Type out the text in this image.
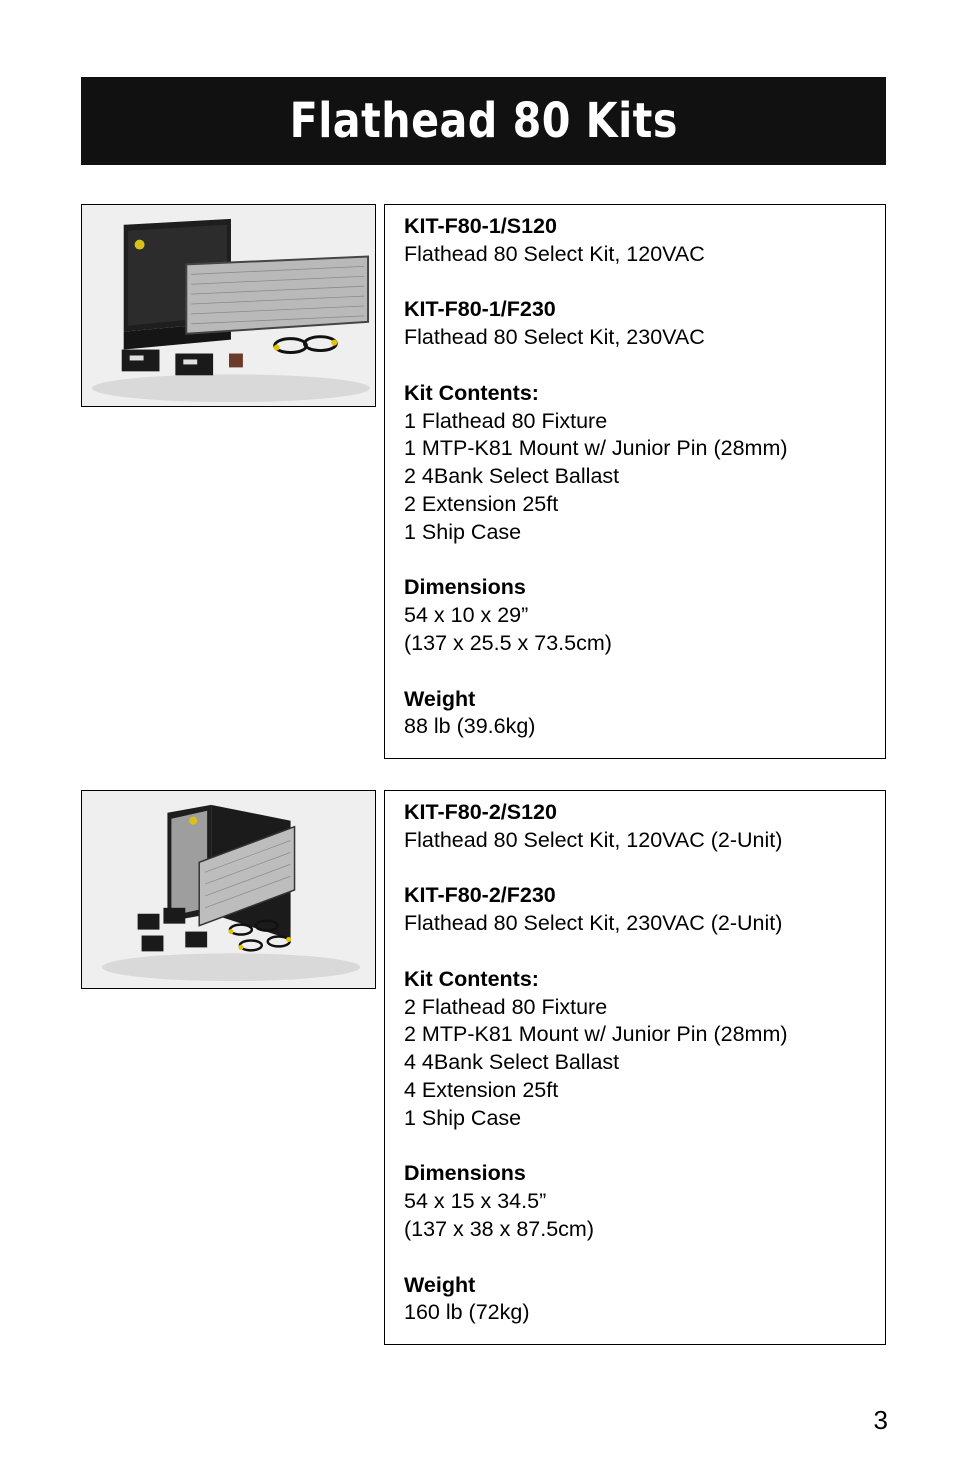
Flathead 80 Kits

KIT-F80-1/S120

Flathead 80 Select Kit, 120VAC

KIT-F80-1/F230

Flathead 80 Select Kit, 230VAC

Kit Contents:

1 Flathead 80 Fixture

1 MTP-K81 Mount w/ Junior Pin (28mm)

2 4Bank Select Ballast

2 Extension 25ft

1 Ship Case

Dimensions

54 x 10 x 29”

(137 x 25.5 x 73.5cm)

Weight

88 lb (39.6kg)

KIT-F80-2/S120

Flathead 80 Select Kit, 120VAC (2-Unit)

KIT-F80-2/F230

Flathead 80 Select Kit, 230VAC (2-Unit)

Kit Contents:

2 Flathead 80 Fixture

2 MTP-K81 Mount w/ Junior Pin (28mm)

4 4Bank Select Ballast

4 Extension 25ft

1 Ship Case

Dimensions

54 x 15 x 34.5”

(137 x 38 x 87.5cm)

Weight

160 lb (72kg)

3
